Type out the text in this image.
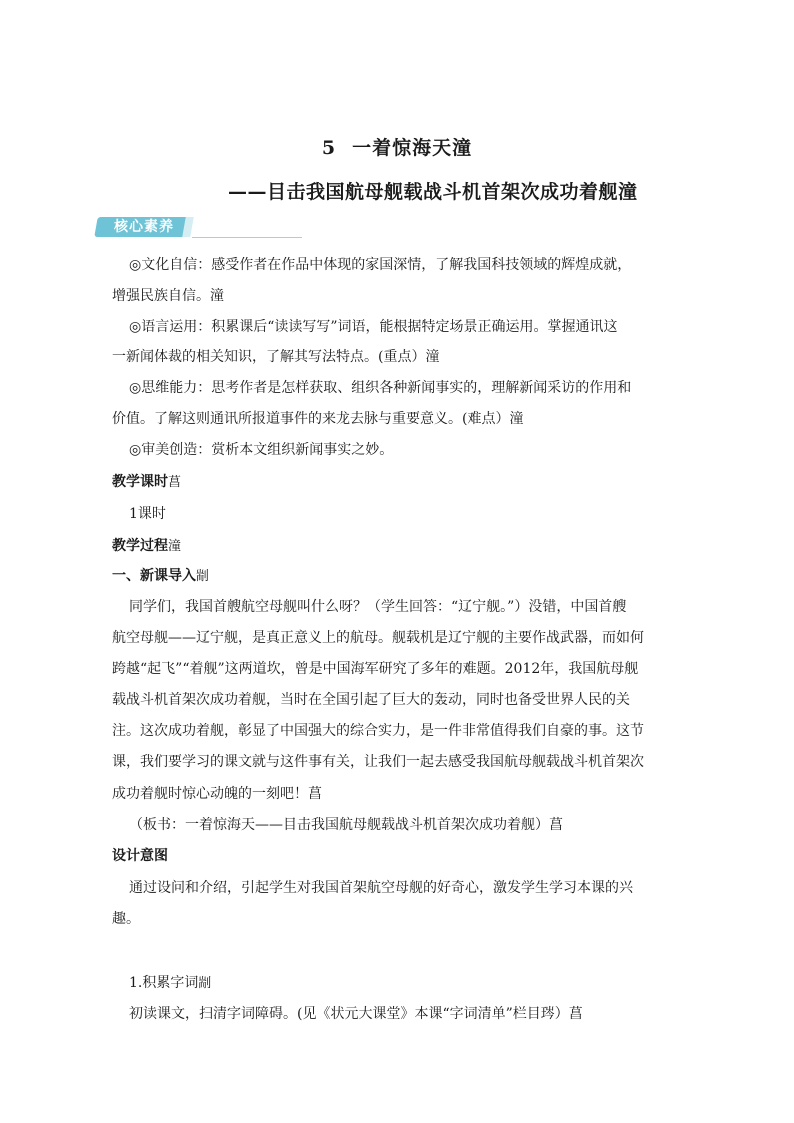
5 一着惊海天潼
——目击我国航母舰载战斗机首架次成功着舰潼
核心素养
◎文化自信：感受作者在作品中体现的家国深情，了解我国科技领域的辉煌成就，
增强民族自信。潼
◎语言运用：积累课后“读读写写”词语，能根据特定场景正确运用。掌握通讯这
一新闻体裁的相关知识，了解其写法特点。(重点）潼
◎思维能力：思考作者是怎样获取、组织各种新闻事实的，理解新闻采访的作用和
价值。了解这则通讯所报道事件的来龙去脉与重要意义。(难点）潼
◎审美创造：赏析本文组织新闻事实之妙。
教学课时菖
1课时
教学过程潼
一、新课导入剬
同学们，我国首艘航空母舰叫什么呀？（学生回答：“辽宁舰。”）没错，中国首艘
航空母舰——辽宁舰，是真正意义上的航母。舰载机是辽宁舰的主要作战武器，而如何
跨越“起飞”“着舰”这两道坎，曾是中国海军研究了多年的难题。2012年，我国航母舰
载战斗机首架次成功着舰，当时在全国引起了巨大的轰动，同时也备受世界人民的关
注。这次成功着舰，彰显了中国强大的综合实力，是一件非常值得我们自豪的事。这节
课，我们要学习的课文就与这件事有关，让我们一起去感受我国航母舰载战斗机首架次
成功着舰时惊心动魄的一刻吧！菖
（板书：一着惊海天——目击我国航母舰载战斗机首架次成功着舰）菖
设计意图
通过设问和介绍，引起学生对我国首架航空母舰的好奇心，激发学生学习本课的兴
趣。
1.积累字词剬
初读课文，扫清字词障碍。(见《状元大课堂》本课“字词清单”栏目琌）菖
